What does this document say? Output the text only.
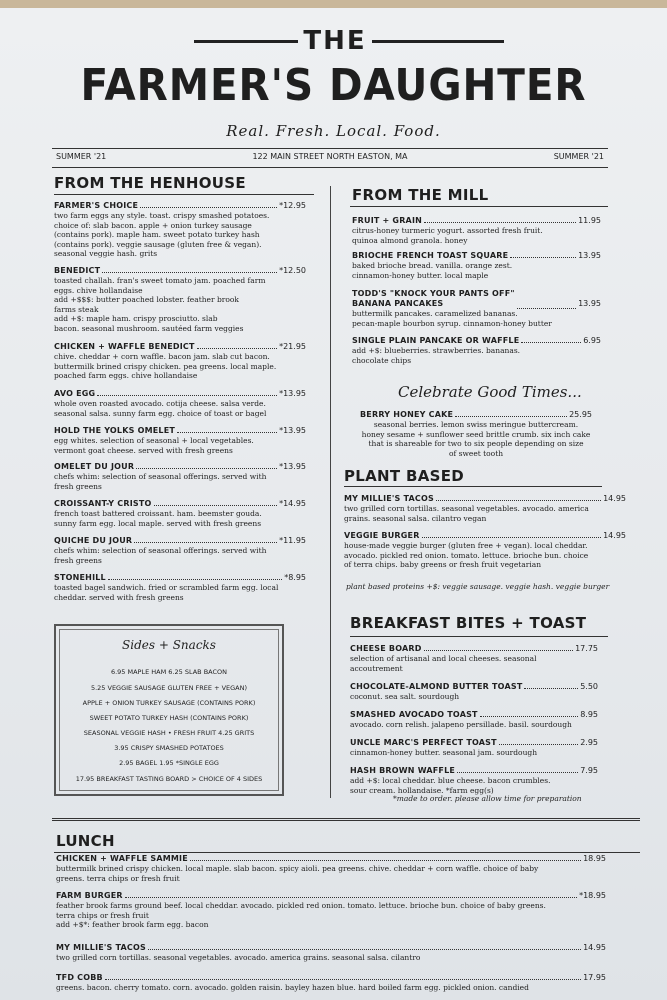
THE
FARMER'S DAUGHTER
Real. Fresh. Local. Food.
SUMMER '21	122 MAIN STREET NORTH EASTON, MA	SUMMER '21
FROM THE HENHOUSE
FARMER'S CHOICE	*12.95
two farm eggs any style. toast. crispy smashed potatoes.
choice of: slab bacon. apple + onion turkey sausage
(contains pork). maple ham. sweet potato turkey hash
(contains pork). veggie sausage (gluten free & vegan).
seasonal veggie hash. grits
BENEDICT	*12.50
toasted challah. fran's sweet tomato jam. poached farm
eggs. chive hollandaise
add +$$$: butter poached lobster. feather brook
farms steak
add +$: maple ham. crispy prosciutto. slab
bacon. seasonal mushroom. sautéed farm veggies
CHICKEN + WAFFLE BENEDICT	*21.95
chive. cheddar + corn waffle. bacon jam. slab cut bacon.
buttermilk brined crispy chicken. pea greens. local maple.
poached farm eggs. chive hollandaise
AVO EGG	*13.95
whole oven roasted avocado. cotija cheese. salsa verde.
seasonal salsa. sunny farm egg. choice of toast or bagel
HOLD THE YOLKS OMELET	*13.95
egg whites. selection of seasonal + local vegetables.
vermont goat cheese. served with fresh greens
OMELET DU JOUR	*13.95
chefs whim: selection of seasonal offerings. served with
fresh greens
CROISSANT-Y CRISTO	*14.95
french toast battered croissant. ham. beemster gouda.
sunny farm egg. local maple. served with fresh greens
QUICHE DU JOUR	*11.95
chefs whim: selection of seasonal offerings. served with
fresh greens
STONEHILL	*8.95
toasted bagel sandwich. fried or scrambled farm egg. local
cheddar. served with fresh greens
Sides + Snacks
6.95 MAPLE HAM 6.25 SLAB BACON
5.25 VEGGIE SAUSAGE GLUTEN FREE + VEGAN)
APPLE + ONION TURKEY SAUSAGE (CONTAINS PORK)
SWEET POTATO TURKEY HASH (CONTAINS PORK)
SEASONAL VEGGIE HASH • FRESH FRUIT 4.25 GRITS
3.95 CRISPY SMASHED POTATOES
2.95 BAGEL 1.95 *SINGLE EGG
17.95 BREAKFAST TASTING BOARD > CHOICE OF 4 SIDES
FROM THE MILL
FRUIT + GRAIN	11.95
citrus-honey turmeric yogurt. assorted fresh fruit.
quinoa almond granola. honey
BRIOCHE FRENCH TOAST SQUARE	13.95
baked brioche bread. vanilla. orange zest.
cinnamon-honey butter. local maple
TODD'S "KNOCK YOUR PANTS OFF"
BANANA PANCAKES	13.95
buttermilk pancakes. caramelized bananas.
pecan-maple bourbon syrup. cinnamon-honey butter
SINGLE PLAIN PANCAKE OR WAFFLE	6.95
add +$: blueberries. strawberries. bananas.
chocolate chips
Celebrate Good Times...
BERRY HONEY CAKE	25.95
seasonal berries. lemon swiss meringue buttercream.
honey sesame + sunflower seed brittle crumb. six inch cake
that is shareable for two to six people depending on size
of sweet tooth
PLANT BASED
MY MILLIE'S TACOS	14.95
two grilled corn tortillas. seasonal vegetables. avocado. america
grains. seasonal salsa. cilantro vegan
VEGGIE BURGER	14.95
house-made veggie burger (gluten free + vegan). local cheddar.
avocado. pickled red onion. tomato. lettuce. brioche bun. choice
of terra chips. baby greens or fresh fruit vegetarian
plant based proteins +$: veggie sausage. veggie hash. veggie burger
BREAKFAST BITES + TOAST
CHEESE BOARD	17.75
selection of artisanal and local cheeses. seasonal
accoutrement
CHOCOLATE-ALMOND BUTTER TOAST	5.50
coconut. sea salt. sourdough
SMASHED AVOCADO TOAST	8.95
avocado. corn relish. jalapeno persillade. basil. sourdough
UNCLE MARC'S PERFECT TOAST	2.95
cinnamon-honey butter. seasonal jam. sourdough
HASH BROWN WAFFLE	7.95
add +$: local cheddar. blue cheese. bacon crumbles.
sour cream. hollandaise. *farm egg(s)
*made to order. please allow time for preparation
LUNCH
CHICKEN + WAFFLE SAMMIE	18.95
buttermilk brined crispy chicken. local maple. slab bacon. spicy aioli. pea greens. chive. cheddar + corn waffle. choice of baby
greens. terra chips or fresh fruit
FARM BURGER	*18.95
feather brook farms ground beef. local cheddar. avocado. pickled red onion. tomato. lettuce. brioche bun. choice of baby greens.
terra chips or fresh fruit
add +$*: feather brook farm egg. bacon
MY MILLIE'S TACOS	14.95
two grilled corn tortillas. seasonal vegetables. avocado. america grains. seasonal salsa. cilantro
TFD COBB	17.95
greens. bacon. cherry tomato. corn. avocado. golden raisin. bayley hazen blue. hard boiled farm egg. pickled onion. candied
